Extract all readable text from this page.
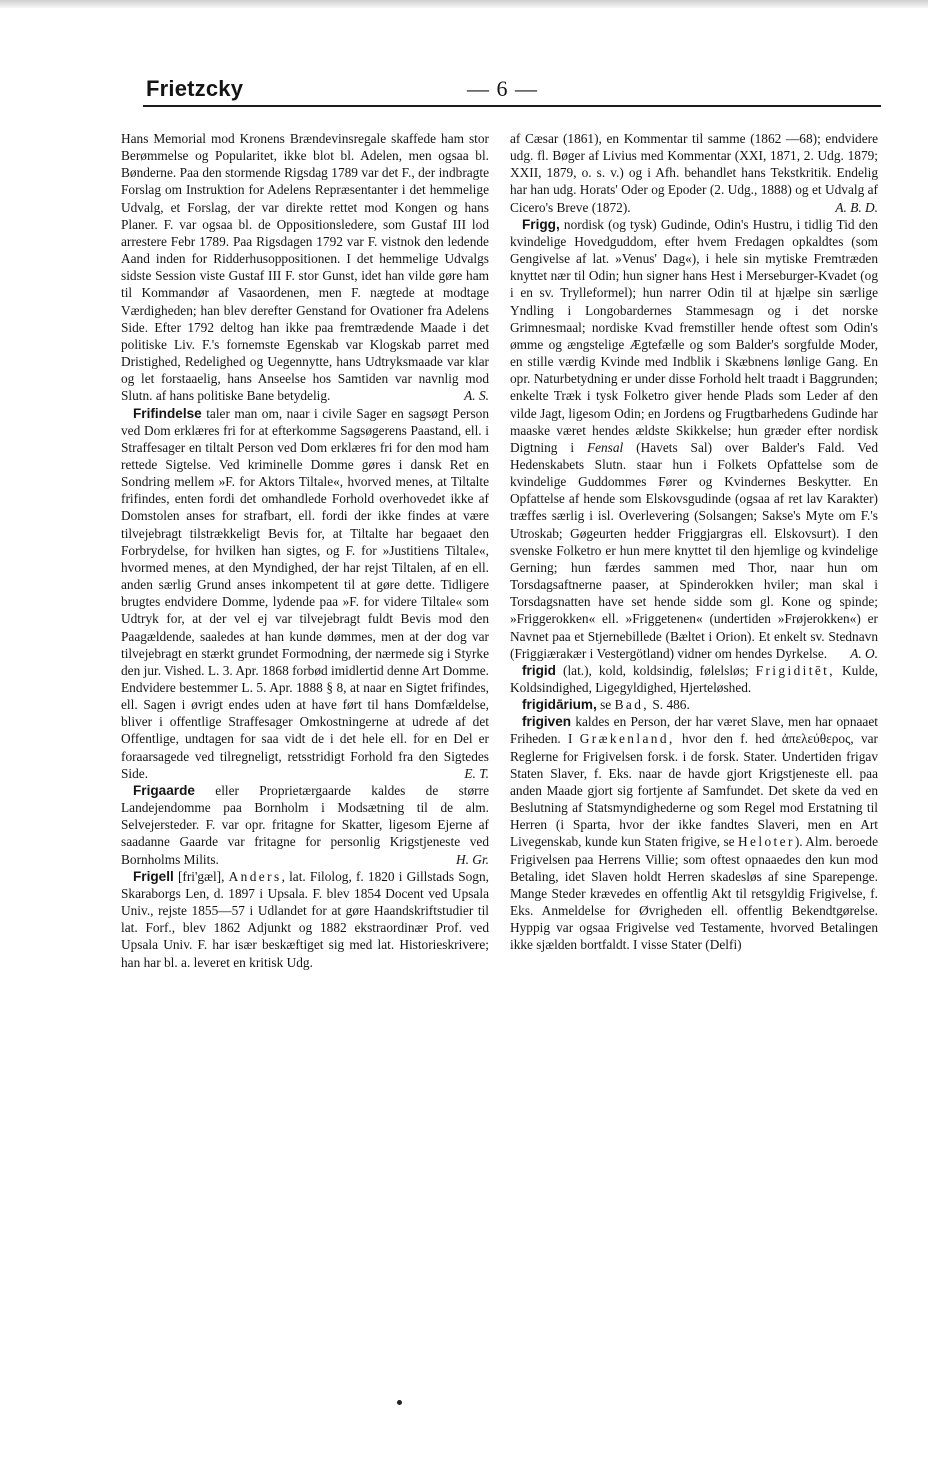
Frietzcky	— 6 —

Hans Memorial mod Kronens Brændevinsregale skaffede ham stor Berømmelse og Popularitet, ikke blot bl. Adelen, men ogsaa bl. Bønderne. Paa den stormende Rigsdag 1789 var det F., der indbragte Forslag om Instruktion for Adelens Repræsentanter i det hemmelige Udvalg, et Forslag, der var direkte rettet mod Kongen og hans Planer. F. var ogsaa bl. de Oppositionsledere, som Gustaf III lod arrestere Febr 1789. Paa Rigsdagen 1792 var F. vistnok den ledende Aand inden for Ridderhusoppositionen. I det hemmelige Udvalgs sidste Session viste Gustaf III F. stor Gunst, idet han vilde gøre ham til Kommandør af Vasaordenen, men F. nægtede at modtage Værdigheden; han blev derefter Genstand for Ovationer fra Adelens Side. Efter 1792 deltog han ikke paa fremtrædende Maade i det politiske Liv. F.'s fornemste Egenskab var Klogskab parret med Dristighed, Redelighed og Uegennytte, hans Udtryksmaade var klar og let forstaaelig, hans Anseelse hos Samtiden var navnlig mod Slutn. af hans politiske Bane betydelig.	A. S.

Frifindelse taler man om, naar i civile Sager en sagsøgt Person ved Dom erklæres fri for at efterkomme Sagsøgerens Paastand, ell. i Straffesager en tiltalt Person ved Dom erklæres fri for den mod ham rettede Sigtelse. Ved kriminelle Domme gøres i dansk Ret en Sondring mellem »F. for Aktors Tiltale«, hvorved menes, at Tiltalte frifindes, enten fordi det omhandlede Forhold overhovedet ikke af Domstolen anses for strafbart, ell. fordi der ikke findes at være tilvejebragt tilstrækkeligt Bevis for, at Tiltalte har begaaet den Forbrydelse, for hvilken han sigtes, og F. for »Justitiens Tiltale«, hvormed menes, at den Myndighed, der har rejst Tiltalen, af en ell. anden særlig Grund anses inkompetent til at gøre dette. Tidligere brugtes endvidere Domme, lydende paa »F. for videre Tiltale« som Udtryk for, at der vel ej var tilvejebragt fuldt Bevis mod den Paagældende, saaledes at han kunde dømmes, men at der dog var tilvejebragt en stærkt grundet Formodning, der nærmede sig i Styrke den jur. Vished. L. 3. Apr. 1868 forbød imidlertid denne Art Domme. Endvidere bestemmer L. 5. Apr. 1888 § 8, at naar en Sigtet frifindes, ell. Sagen i øvrigt endes uden at have ført til hans Domfældelse, bliver i offentlige Straffesager Omkostningerne at udrede af det Offentlige, undtagen for saa vidt de i det hele ell. for en Del er foraarsagede ved tilregneligt, retsstridigt Forhold fra den Sigtedes Side.	E. T.

Frigaarde eller Proprietærgaarde kaldes de større Landejendomme paa Bornholm i Modsætning til de alm. Selvejersteder. F. var opr. fritagne for Skatter, ligesom Ejerne af saadanne Gaarde var fritagne for personlig Krigstjeneste ved Bornholms Milits.	H. Gr.

Frigell [fri'gæl], Anders, lat. Filolog, f. 1820 i Gillstads Sogn, Skaraborgs Len, d. 1897 i Upsala. F. blev 1854 Docent ved Upsala Univ., rejste 1855—57 i Udlandet for at gøre Haandskriftstudier til lat. Forf., blev 1862 Adjunkt og 1882 ekstraordinær Prof. ved Upsala Univ. F. har især beskæftiget sig med lat. Historieskrivere; han har bl. a. leveret en kritisk Udg.

af Cæsar (1861), en Kommentar til samme (1862 —68); endvidere udg. fl. Bøger af Livius med Kommentar (XXI, 1871, 2. Udg. 1879; XXII, 1879, o. s. v.) og i Afh. behandlet hans Tekstkritik. Endelig har han udg. Horats' Oder og Epoder (2. Udg., 1888) og et Udvalg af Cicero's Breve (1872).	A. B. D.

Frigg, nordisk (og tysk) Gudinde, Odin's Hustru, i tidlig Tid den kvindelige Hovedguddom, efter hvem Fredagen opkaldtes (som Gengivelse af lat. »Venus' Dag«), i hele sin mytiske Fremtræden knyttet nær til Odin; hun signer hans Hest i Merseburger-Kvadet (og i en sv. Trylleformel); hun narrer Odin til at hjælpe sin særlige Yndling i Longobardernes Stammesagn og i det norske Grimnesmaal; nordiske Kvad fremstiller hende oftest som Odin's ømme og ængstelige Ægtefælle og som Balder's sorgfulde Moder, en stille værdig Kvinde med Indblik i Skæbnens lønlige Gang. En opr. Naturbetydning er under disse Forhold helt traadt i Baggrunden; enkelte Træk i tysk Folketro giver hende Plads som Leder af den vilde Jagt, ligesom Odin; en Jordens og Frugtbarhedens Gudinde har maaske været hendes ældste Skikkelse; hun græder efter nordisk Digtning i Fensal (Havets Sal) over Balder's Fald. Ved Hedenskabets Slutn. staar hun i Folkets Opfattelse som de kvindelige Guddommes Fører og Kvindernes Beskytter. En Opfattelse af hende som Elskovsgudinde (ogsaa af ret lav Karakter) træffes særlig i isl. Overlevering (Solsangen; Sakse's Myte om F.'s Utroskab; Gøgeurten hedder Friggjargras ell. Elskovsurt). I den svenske Folketro er hun mere knyttet til den hjemlige og kvindelige Gerning; hun færdes sammen med Thor, naar hun om Torsdagsaftnerne paaser, at Spinderokken hviler; man skal i Torsdagsnatten have set hende sidde som gl. Kone og spinde; »Friggerokken« ell. »Friggetenen« (undertiden »Frøjerokken«) er Navnet paa et Stjernebillede (Bæltet i Orion). Et enkelt sv. Stednavn (Friggiærakær i Vestergötland) vidner om hendes Dyrkelse.	A. O.

frigid (lat.), kold, koldsindig, følelsløs; Frigiditēt, Kulde, Koldsindighed, Ligegyldighed, Hjerteløshed.

frigidārium, se Bad, S. 486.

frigiven kaldes en Person, der har været Slave, men har opnaaet Friheden. I Grækenland, hvor den f. hed ἀπελεύθερος, var Reglerne for Frigivelsen forsk. i de forsk. Stater. Undertiden frigav Staten Slaver, f. Eks. naar de havde gjort Krigstjeneste ell. paa anden Maade gjort sig fortjente af Samfundet. Det skete da ved en Beslutning af Statsmyndighederne og som Regel mod Erstatning til Herren (i Sparta, hvor der ikke fandtes Slaveri, men en Art Livegenskab, kunde kun Staten frigive, se Heloter). Alm. beroede Frigivelsen paa Herrens Villie; som oftest opnaaedes den kun mod Betaling, idet Slaven holdt Herren skadesløs af sine Sparepenge. Mange Steder krævedes en offentlig Akt til retsgyldig Frigivelse, f. Eks. Anmeldelse for Øvrigheden ell. offentlig Bekendtgørelse. Hyppig var ogsaa Frigivelse ved Testamente, hvorved Betalingen ikke sjælden bortfaldt. I visse Stater (Delfi)
